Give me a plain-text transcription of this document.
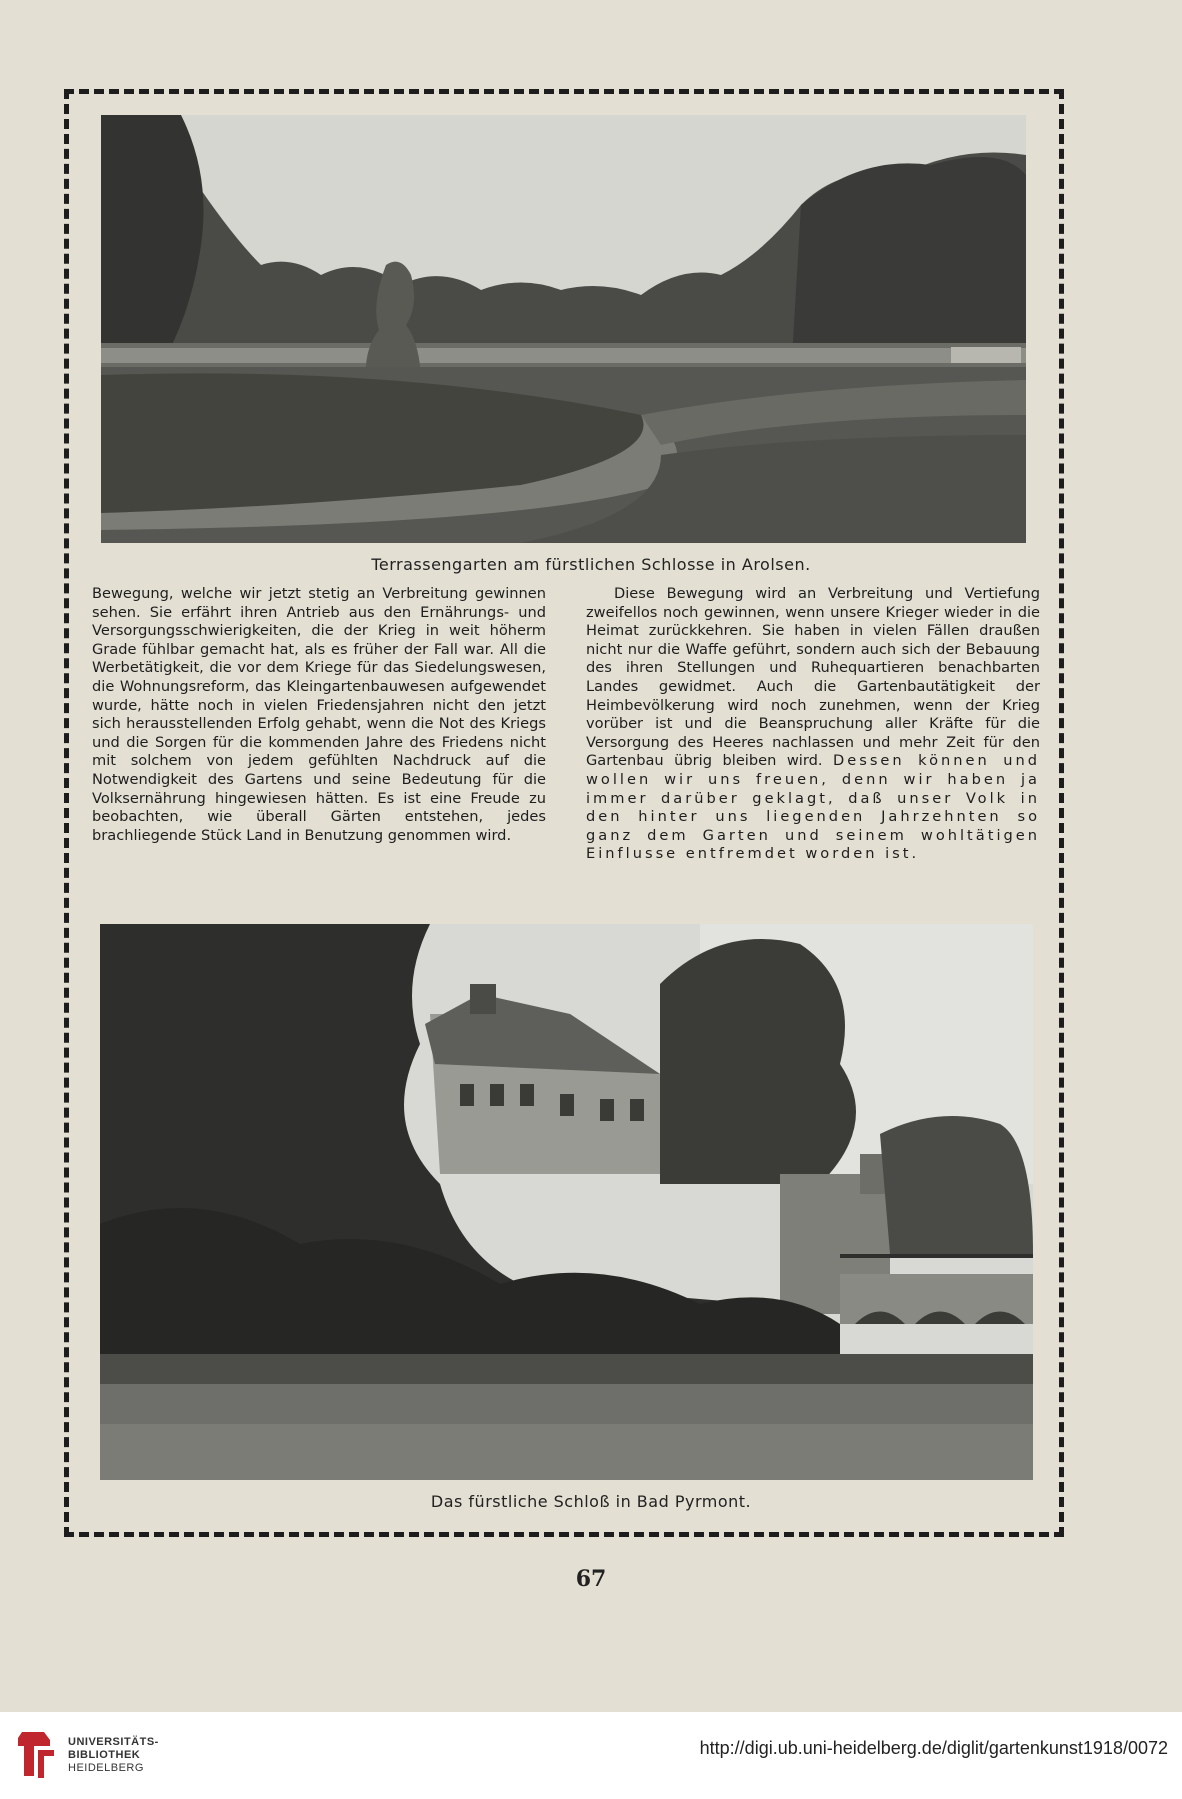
Terrassengarten am fürstlichen Schlosse in Arolsen.

Bewegung, welche wir jetzt stetig an Verbreitung gewinnen sehen. Sie erfährt ihren Antrieb aus den Ernährungs- und Versorgungsschwierigkeiten, die der Krieg in weit höherm Grade fühlbar gemacht hat, als es früher der Fall war. All die Werbetätigkeit, die vor dem Kriege für das Siedelungswesen, die Wohnungsreform, das Kleingartenbauwesen aufgewendet wurde, hätte noch in vielen Friedensjahren nicht den jetzt sich herausstellenden Erfolg gehabt, wenn die Not des Kriegs und die Sorgen für die kommenden Jahre des Friedens nicht mit solchem von jedem gefühlten Nachdruck auf die Notwendigkeit des Gartens und seine Bedeutung für die Volksernährung hingewiesen hätten. Es ist eine Freude zu beobachten, wie überall Gärten entstehen, jedes brachliegende Stück Land in Benutzung genommen wird.

Diese Bewegung wird an Verbreitung und Vertiefung zweifellos noch gewinnen, wenn unsere Krieger wieder in die Heimat zurückkehren. Sie haben in vielen Fällen draußen nicht nur die Waffe geführt, sondern auch sich der Bebauung des ihren Stellungen und Ruhequartieren benachbarten Landes gewidmet. Auch die Gartenbautätigkeit der Heimbevölkerung wird noch zunehmen, wenn der Krieg vorüber ist und die Beanspruchung aller Kräfte für die Versorgung des Heeres nachlassen und mehr Zeit für den Gartenbau übrig bleiben wird. Dessen können und wollen wir uns freuen, denn wir haben ja immer darüber geklagt, daß unser Volk in den hinter uns liegenden Jahrzehnten so ganz dem Garten und seinem wohltätigen Einflusse entfremdet worden ist.

Das fürstliche Schloß in Bad Pyrmont.
67
UNIVERSITÄTS-
BIBLIOTHEK
HEIDELBERG
http://digi.ub.uni-heidelberg.de/diglit/gartenkunst1918/0072
